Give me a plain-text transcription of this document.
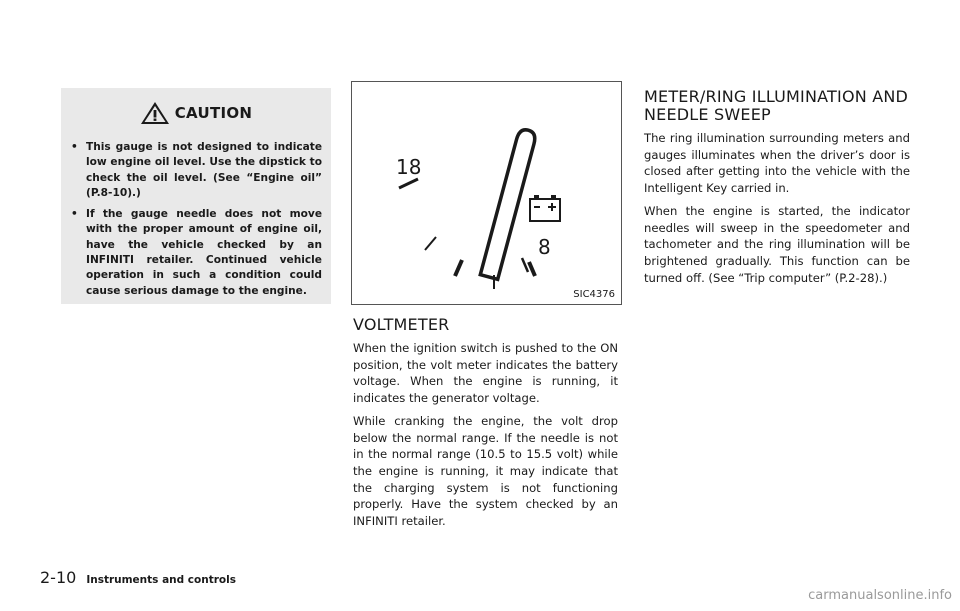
CAUTION
• This gauge is not designed to indicate low engine oil level. Use the dipstick to check the oil level. (See “Engine oil” (P.8-10).)
• If the gauge needle does not move with the proper amount of engine oil, have the vehicle checked by an INFINITI retailer. Continued vehicle operation in such a condition could cause serious damage to the engine.
18
8
SIC4376
VOLTMETER

When the ignition switch is pushed to the ON position, the volt meter indicates the battery voltage. When the engine is running, it indicates the generator voltage.

While cranking the engine, the volt drop below the normal range. If the needle is not in the normal range (10.5 to 15.5 volt) while the engine is running, it may indicate that the charging system is not functioning properly. Have the system checked by an INFINITI retailer.

METER/RING ILLUMINATION AND NEEDLE SWEEP

The ring illumination surrounding meters and gauges illuminates when the driver’s door is closed after getting into the vehicle with the Intelligent Key carried in.

When the engine is started, the indicator needles will sweep in the speedometer and tachometer and the ring illumination will be brightened gradually. This function can be turned off. (See “Trip computer” (P.2-28).)

2-10 Instruments and controls
carmanualsonline.info
